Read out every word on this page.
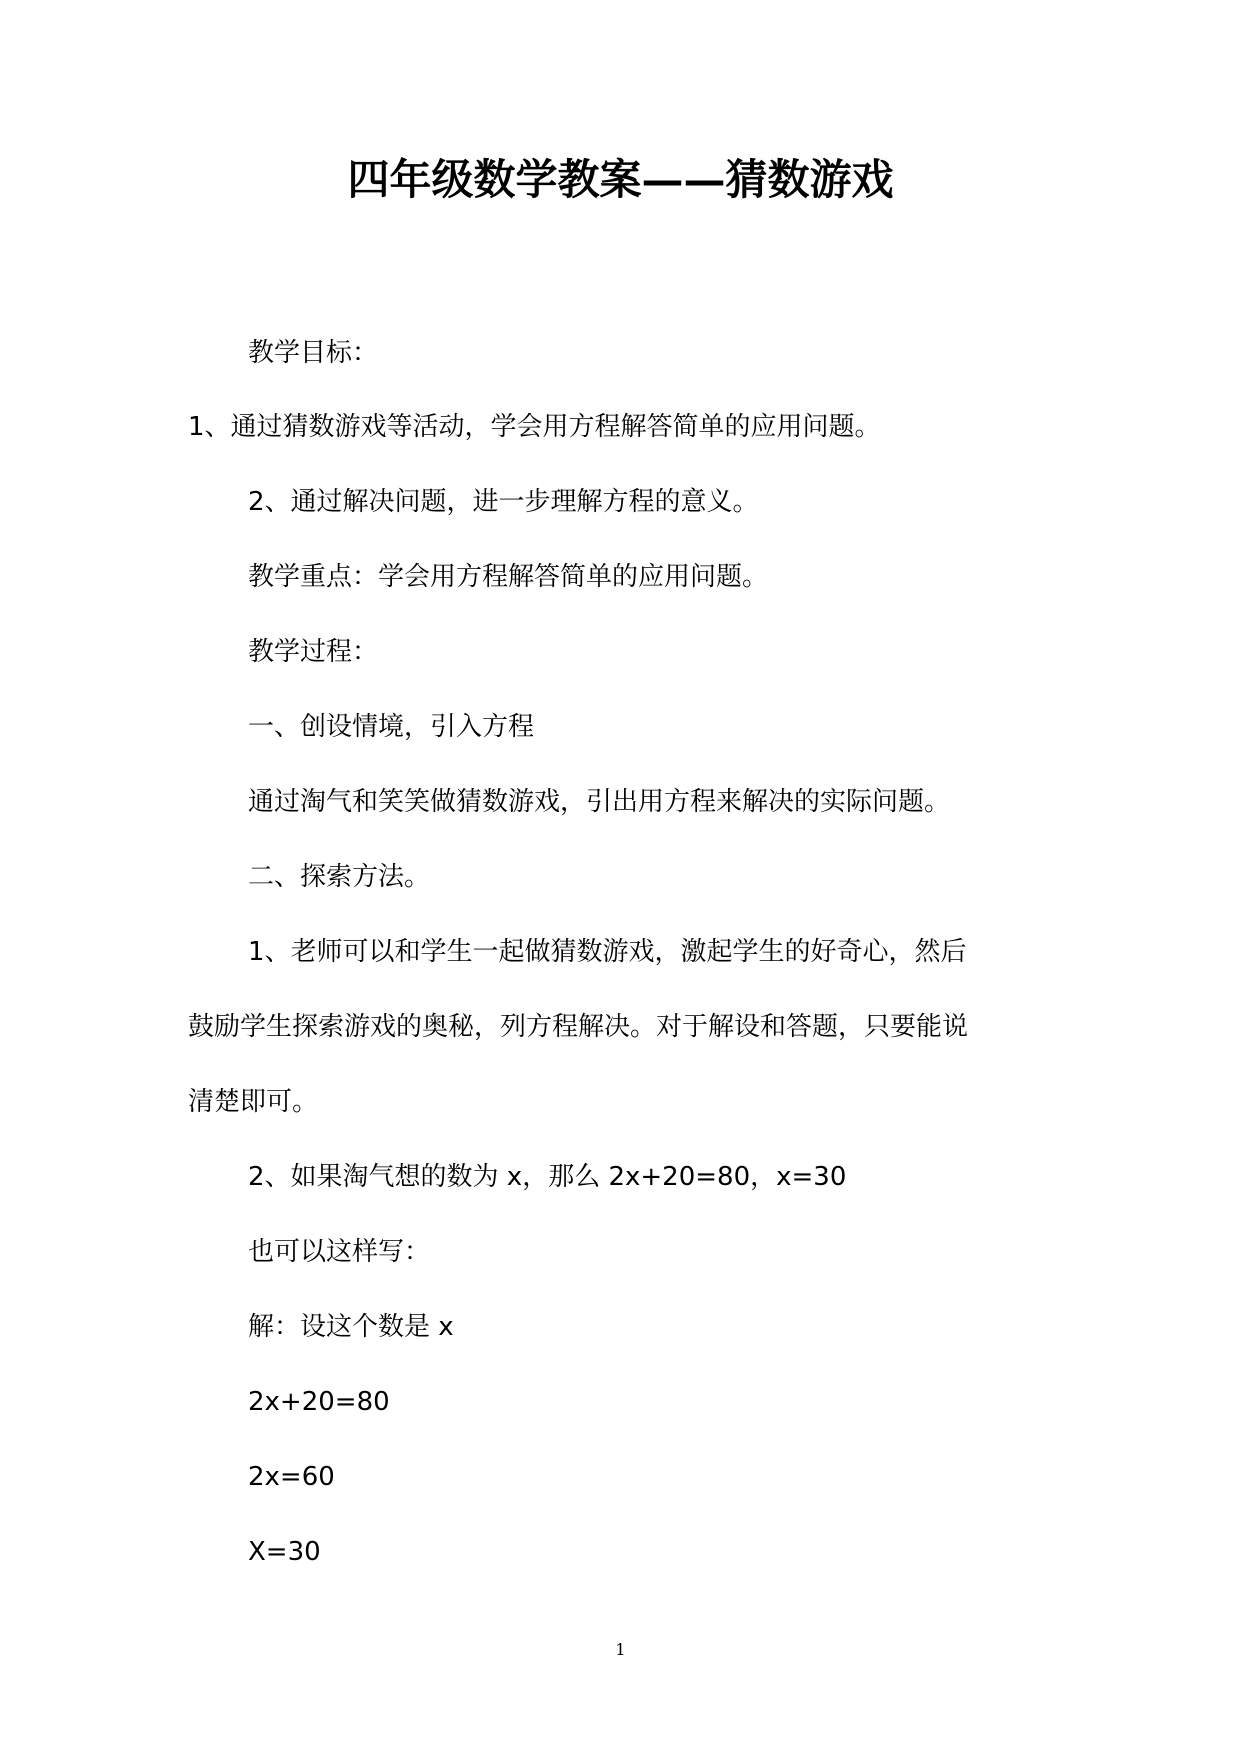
四年级数学教案——猜数游戏

教学目标：

1、通过猜数游戏等活动，学会用方程解答简单的应用问题。

2、通过解决问题，进一步理解方程的意义。

教学重点：学会用方程解答简单的应用问题。

教学过程：

一、创设情境，引入方程

通过淘气和笑笑做猜数游戏，引出用方程来解决的实际问题。

二、探索方法。

1、老师可以和学生一起做猜数游戏，激起学生的好奇心，然后

鼓励学生探索游戏的奥秘，列方程解决。对于解设和答题，只要能说

清楚即可。

2、如果淘气想的数为 x，那么 2x+20=80，x=30

也可以这样写：

解：设这个数是 x

2x+20=80

2x=60

X=30

1
